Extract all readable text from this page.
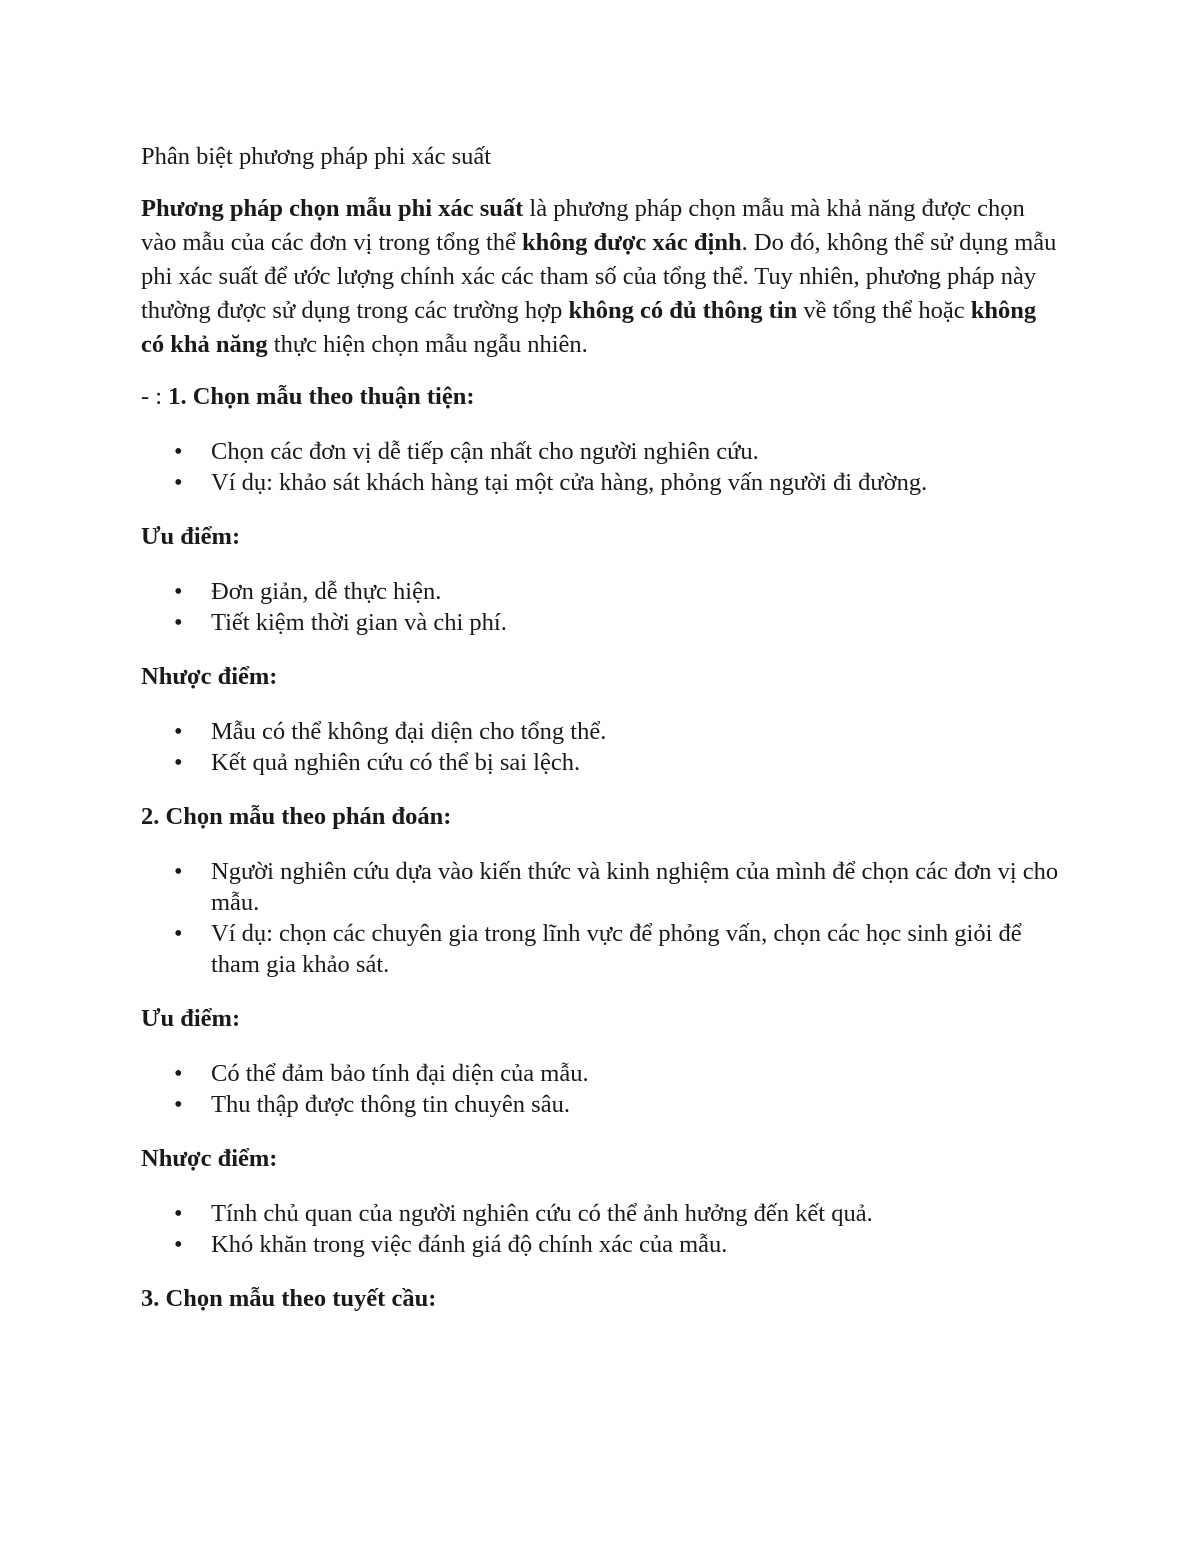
Phân biệt phương pháp phi xác suất

Phương pháp chọn mẫu phi xác suất là phương pháp chọn mẫu mà khả năng được chọn vào mẫu của các đơn vị trong tổng thể không được xác định. Do đó, không thể sử dụng mẫu phi xác suất để ước lượng chính xác các tham số của tổng thể. Tuy nhiên, phương pháp này thường được sử dụng trong các trường hợp không có đủ thông tin về tổng thể hoặc không có khả năng thực hiện chọn mẫu ngẫu nhiên.

- : 1. Chọn mẫu theo thuận tiện:

• Chọn các đơn vị dễ tiếp cận nhất cho người nghiên cứu.
• Ví dụ: khảo sát khách hàng tại một cửa hàng, phỏng vấn người đi đường.

Ưu điểm:

• Đơn giản, dễ thực hiện.
• Tiết kiệm thời gian và chi phí.

Nhược điểm:

• Mẫu có thể không đại diện cho tổng thể.
• Kết quả nghiên cứu có thể bị sai lệch.

2. Chọn mẫu theo phán đoán:

• Người nghiên cứu dựa vào kiến thức và kinh nghiệm của mình để chọn các đơn vị cho mẫu.
• Ví dụ: chọn các chuyên gia trong lĩnh vực để phỏng vấn, chọn các học sinh giỏi để tham gia khảo sát.

Ưu điểm:

• Có thể đảm bảo tính đại diện của mẫu.
• Thu thập được thông tin chuyên sâu.

Nhược điểm:

• Tính chủ quan của người nghiên cứu có thể ảnh hưởng đến kết quả.
• Khó khăn trong việc đánh giá độ chính xác của mẫu.

3. Chọn mẫu theo tuyết cầu:
